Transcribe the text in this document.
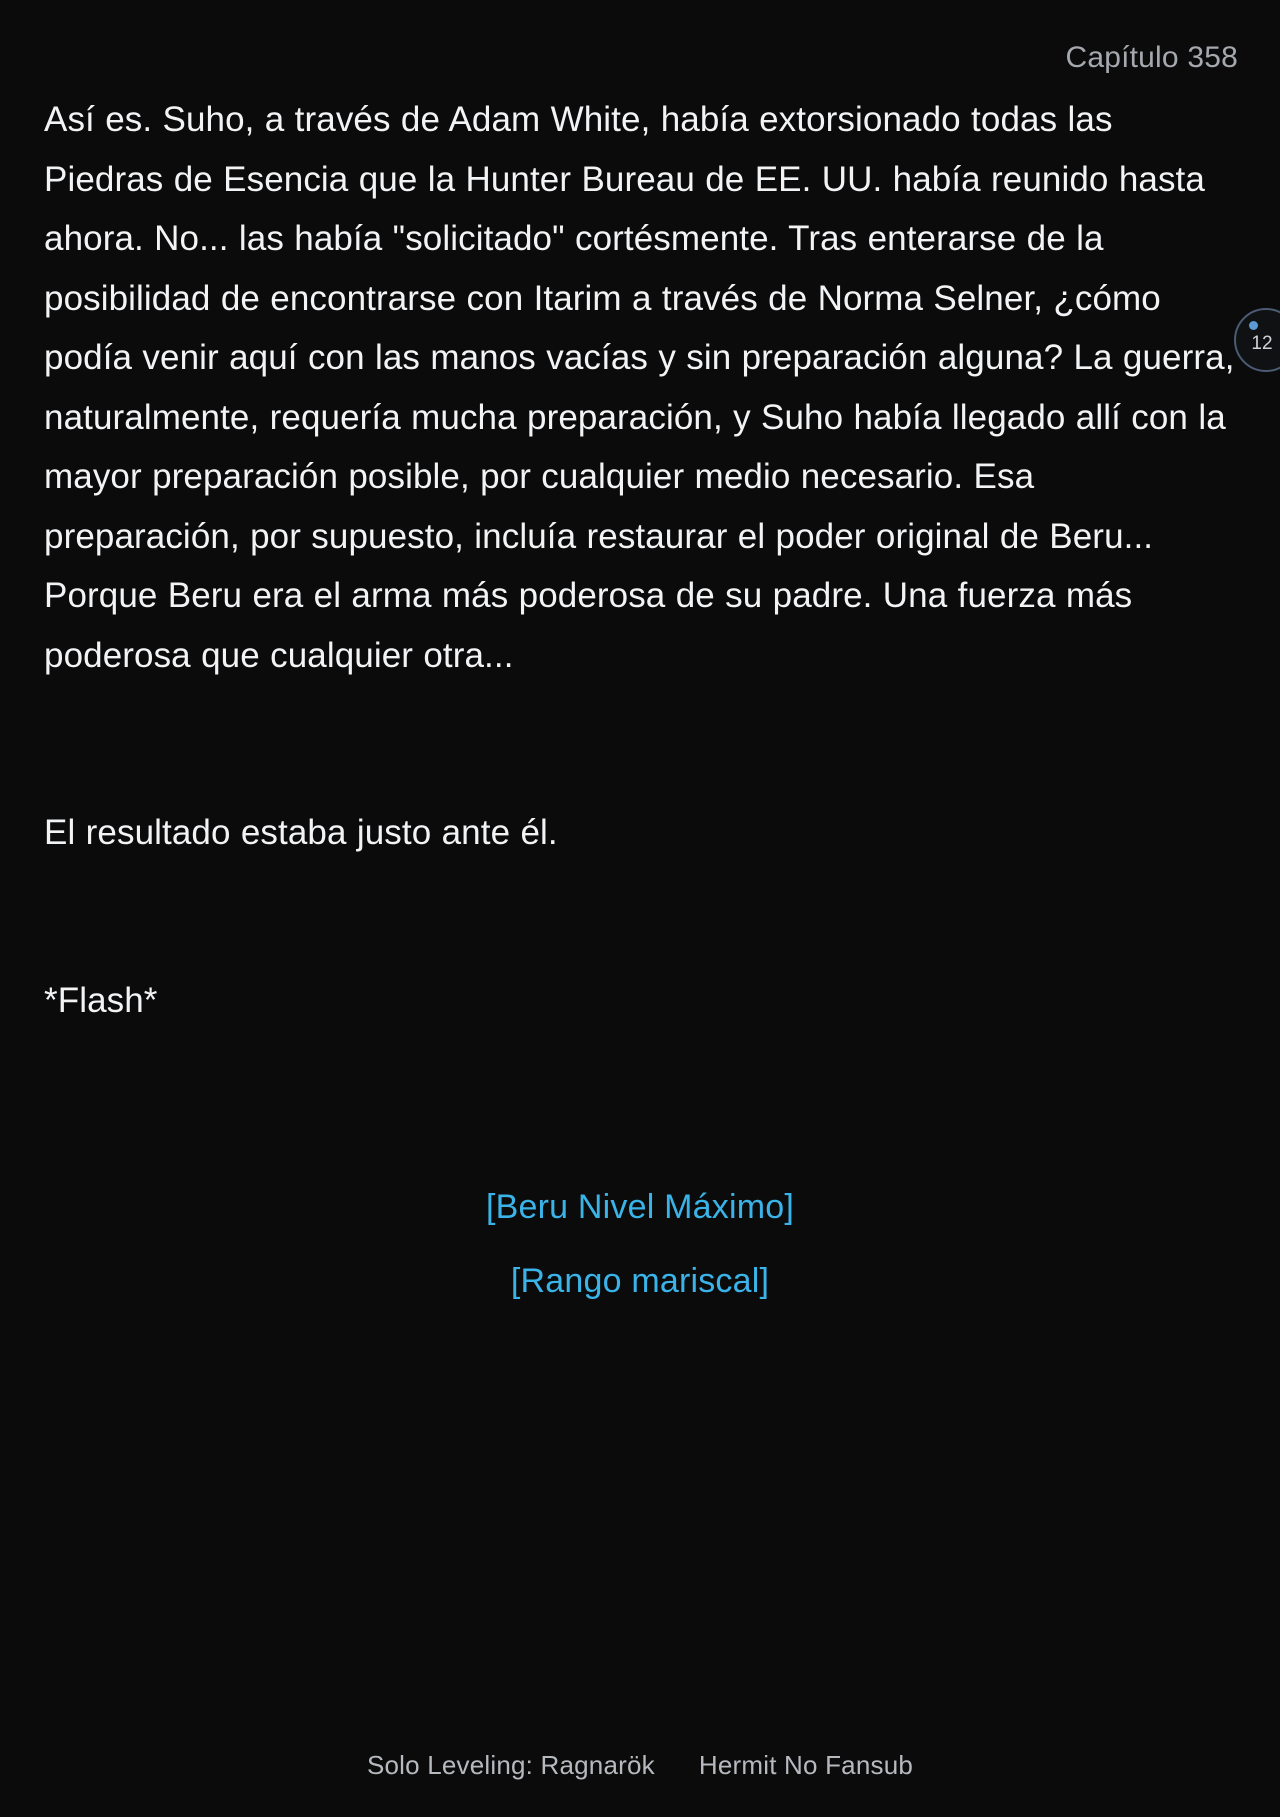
Capítulo 358

Así es. Suho, a través de Adam White, había extorsionado todas las Piedras de Esencia que la Hunter Bureau de EE. UU. había reunido hasta ahora. No... las había "solicitado" cortésmente. Tras enterarse de la posibilidad de encontrarse con Itarim a través de Norma Selner, ¿cómo podía venir aquí con las manos vacías y sin preparación alguna? La guerra, naturalmente, requería mucha preparación, y Suho había llegado allí con la mayor preparación posible, por cualquier medio necesario. Esa preparación, por supuesto, incluía restaurar el poder original de Beru... Porque Beru era el arma más poderosa de su padre. Una fuerza más poderosa que cualquier otra...

El resultado estaba justo ante él.

*Flash*

[Beru Nivel Máximo]
[Rango mariscal]
12
Solo Leveling: Ragnarök Hermit No Fansub
